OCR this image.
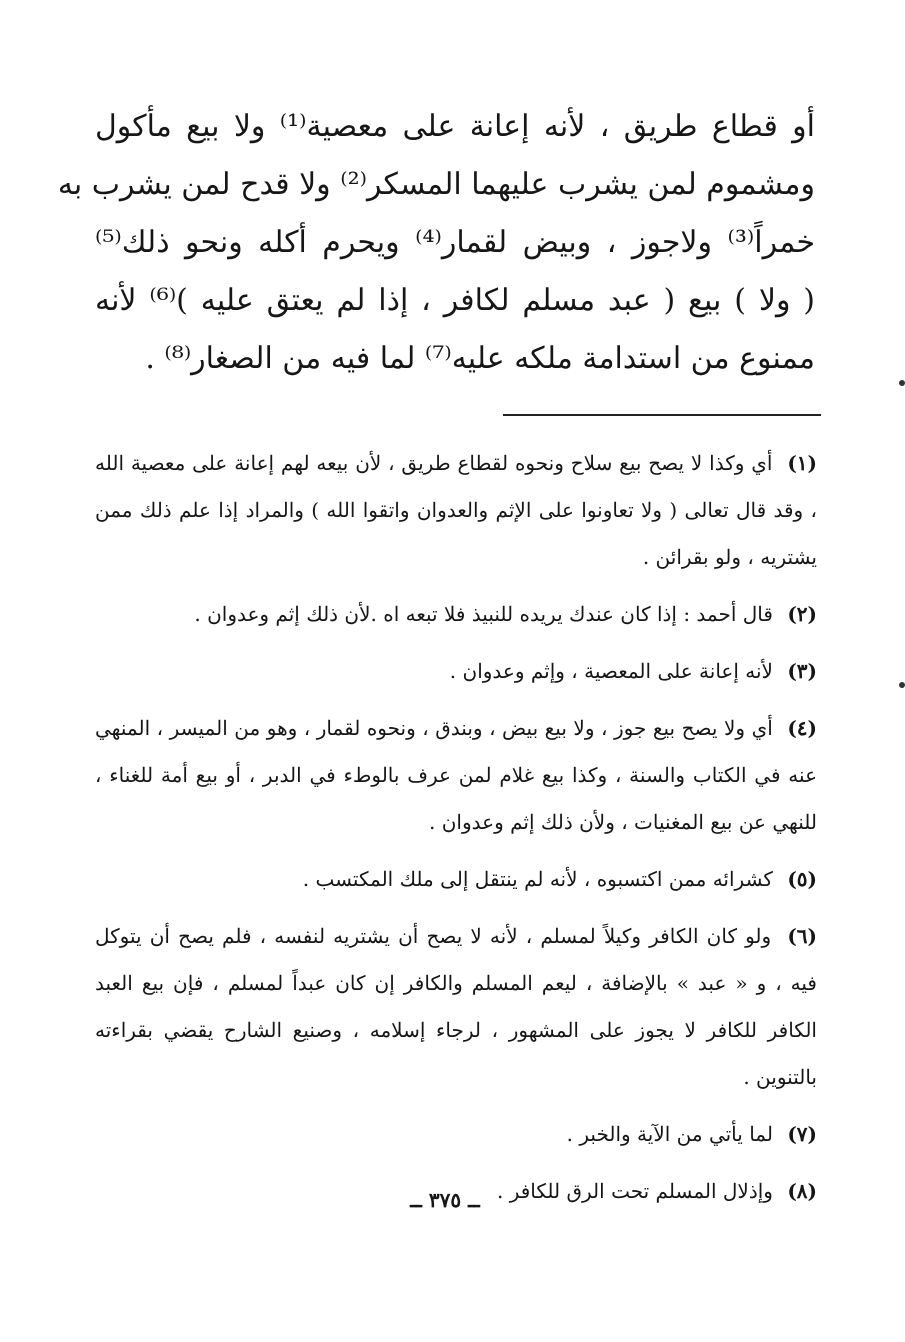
أو قطاع طريق ، لأنه إعانة على معصية⁽¹⁾ ولا بيع مأكول
ومشموم لمن يشرب عليهما المسكر⁽²⁾ ولا قدح لمن يشرب به
خمراً⁽³⁾ ولاجوز ، وبيض لقمار⁽⁴⁾ ويحرم أكله ونحو ذلك⁽⁵⁾
( ولا ) بيع ( عبد مسلم لكافر ، إذا لم يعتق عليه )⁽⁶⁾ لأنه
ممنوع من استدامة ملكه عليه⁽⁷⁾ لما فيه من الصغار⁽⁸⁾ .

(١) أي وكذا لا يصح بيع سلاح ونحوه لقطاع طريق ، لأن بيعه لهم إعانة على معصية الله ، وقد قال تعالى ( ولا تعاونوا على الإثم والعدوان واتقوا الله ) والمراد إذا علم ذلك ممن يشتريه ، ولو بقرائن .

(٢) قال أحمد : إذا كان عندك يريده للنبيذ فلا تبعه اه .لأن ذلك إثم وعدوان .

(٣) لأنه إعانة على المعصية ، وإثم وعدوان .

(٤) أي ولا يصح بيع جوز ، ولا بيع بيض ، وبندق ، ونحوه لقمار ، وهو من الميسر ، المنهي عنه في الكتاب والسنة ، وكذا بيع غلام لمن عرف بالوطء في الدبر ، أو بيع أمة للغناء ، للنهي عن بيع المغنيات ، ولأن ذلك إثم وعدوان .

(٥) كشرائه ممن اكتسبوه ، لأنه لم ينتقل إلى ملك المكتسب .

(٦) ولو كان الكافر وكيلاً لمسلم ، لأنه لا يصح أن يشتريه لنفسه ، فلم يصح أن يتوكل فيه ، و « عبد » بالإضافة ، ليعم المسلم والكافر إن كان عبداً لمسلم ، فإن بيع العبد الكافر للكافر لا يجوز على المشهور ، لرجاء إسلامه ، وصنيع الشارح يقضي بقراءته بالتنوين .

(٧) لما يأتي من الآية والخبر .

(٨) وإذلال المسلم تحت الرق للكافر .

ــ ٣٧٥ ــ
